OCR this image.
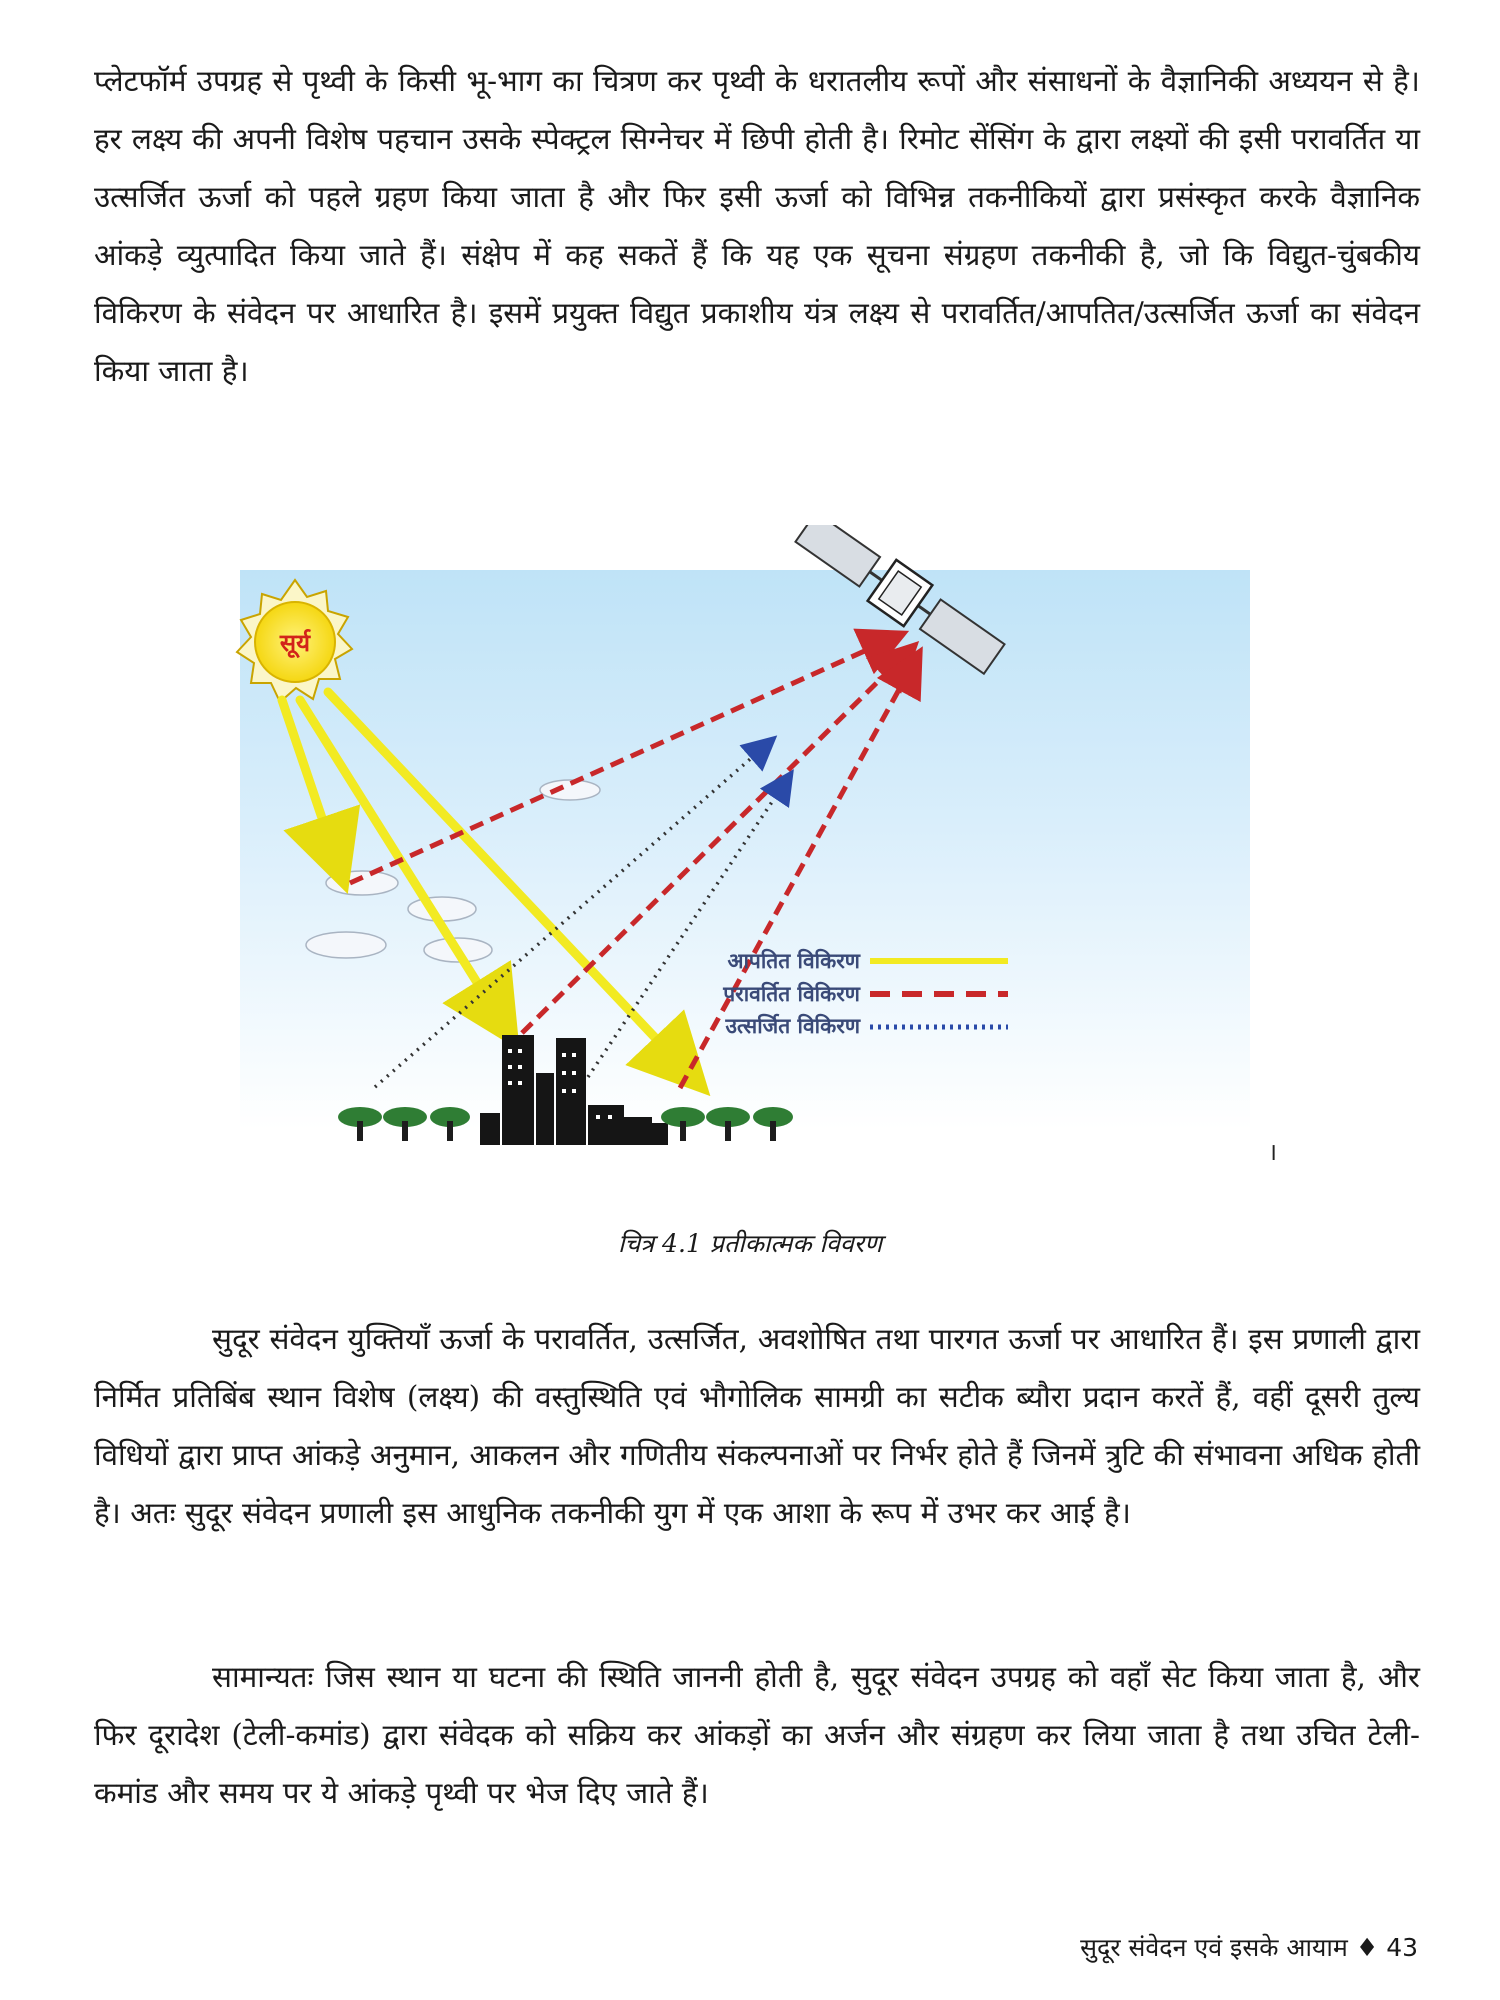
प्लेटफॉर्म उपग्रह से पृथ्वी के किसी भू-भाग का चित्रण कर पृथ्वी के धरातलीय रूपों और संसाधनों के वैज्ञानिकी अध्ययन से है। हर लक्ष्य की अपनी विशेष पहचान उसके स्पेक्ट्रल सिग्नेचर में छिपी होती है। रिमोट सेंसिंग के द्वारा लक्ष्यों की इसी परावर्तित या उत्सर्जित ऊर्जा को पहले ग्रहण किया जाता है और फिर इसी ऊर्जा को विभिन्न तकनीकियों द्वारा प्रसंस्कृत करके वैज्ञानिक आंकड़े व्युत्पादित किया जाते हैं। संक्षेप में कह सकतें हैं कि यह एक सूचना संग्रहण तकनीकी है, जो कि विद्युत-चुंबकीय विकिरण के संवेदन पर आधारित है। इसमें प्रयुक्त विद्युत प्रकाशीय यंत्र लक्ष्य से परावर्तित/आपतित/उत्सर्जित ऊर्जा का संवेदन किया जाता है।

सूर्य
आपतित विकिरण
परावर्तित विकिरण
उत्सर्जित विकिरण
।
चित्र 4.1 प्रतीकात्मक विवरण

सुदूर संवेदन युक्तियाँ ऊर्जा के परावर्तित, उत्सर्जित, अवशोषित तथा पारगत ऊर्जा पर आधारित हैं। इस प्रणाली द्वारा निर्मित प्रतिबिंब स्थान विशेष (लक्ष्य) की वस्तुस्थिति एवं भौगोलिक सामग्री का सटीक ब्यौरा प्रदान करतें हैं, वहीं दूसरी तुल्य विधियों द्वारा प्राप्त आंकड़े अनुमान, आकलन और गणितीय संकल्पनाओं पर निर्भर होते हैं जिनमें त्रुटि की संभावना अधिक होती है। अतः सुदूर संवेदन प्रणाली इस आधुनिक तकनीकी युग में एक आशा के रूप में उभर कर आई है।

सामान्यतः जिस स्थान या घटना की स्थिति जाननी होती है, सुदूर संवेदन उपग्रह को वहाँ सेट किया जाता है, और फिर दूरादेश (टेली-कमांड) द्वारा संवेदक को सक्रिय कर आंकड़ों का अर्जन और संग्रहण कर लिया जाता है तथा उचित टेली-कमांड और समय पर ये आंकड़े पृथ्वी पर भेज दिए जाते हैं।

सुदूर संवेदन एवं इसके आयाम ♦ 43
